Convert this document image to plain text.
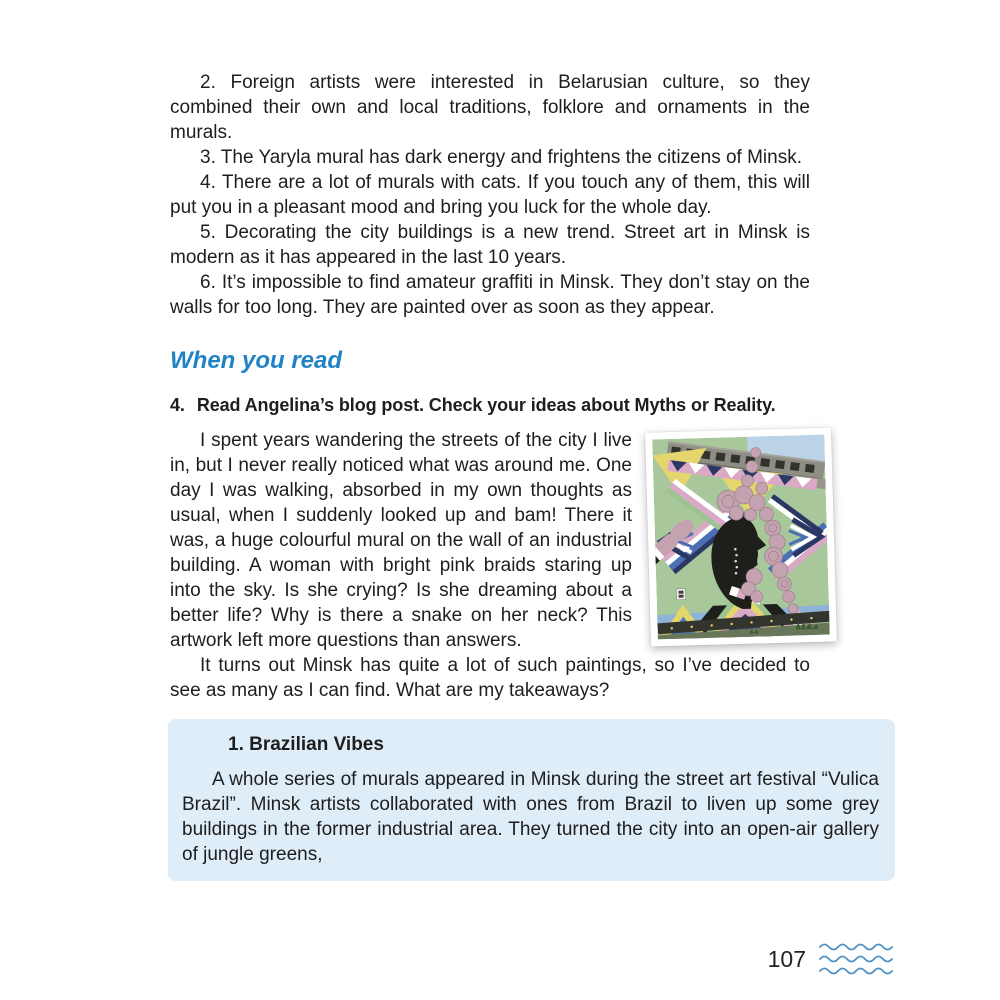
2. Foreign artists were interested in Belarusian culture, so they combined their own and local traditions, folklore and ornaments in the murals.

3. The Yaryla mural has dark energy and frightens the citizens of Minsk.

4. There are a lot of murals with cats. If you touch any of them, this will put you in a pleasant mood and bring you luck for the whole day.

5. Decorating the city buildings is a new trend. Street art in Minsk is modern as it has appeared in the last 10 years.

6. It’s impossible to find amateur graffiti in Minsk. They don’t stay on the walls for too long. They are painted over as soon as they appear.

When you read

4. Read Angelina’s blog post. Check your ideas about Myths or Reality.

I spent years wandering the streets of the city I live in, but I never really noticed what was around me. One day I was walking, absorbed in my own thoughts as usual, when I suddenly looked up and bam! There it was, a huge colourful mural on the wall of an industrial building. A woman with bright pink braids staring up into the sky. Is she crying? Is she dreaming about a better life? Why is there a snake on her neck? This artwork left more questions than answers.

It turns out Minsk has quite a lot of such paintings, so I’ve decided to see as many as I can find. What are my takeaways?

1. Brazilian Vibes

A whole series of murals appeared in Minsk during the street art festival “Vulica Brazil”. Minsk artists collaborated with ones from Brazil to liven up some grey buildings in the former industrial area. They turned the city into an open-air gallery of jungle greens,

107
